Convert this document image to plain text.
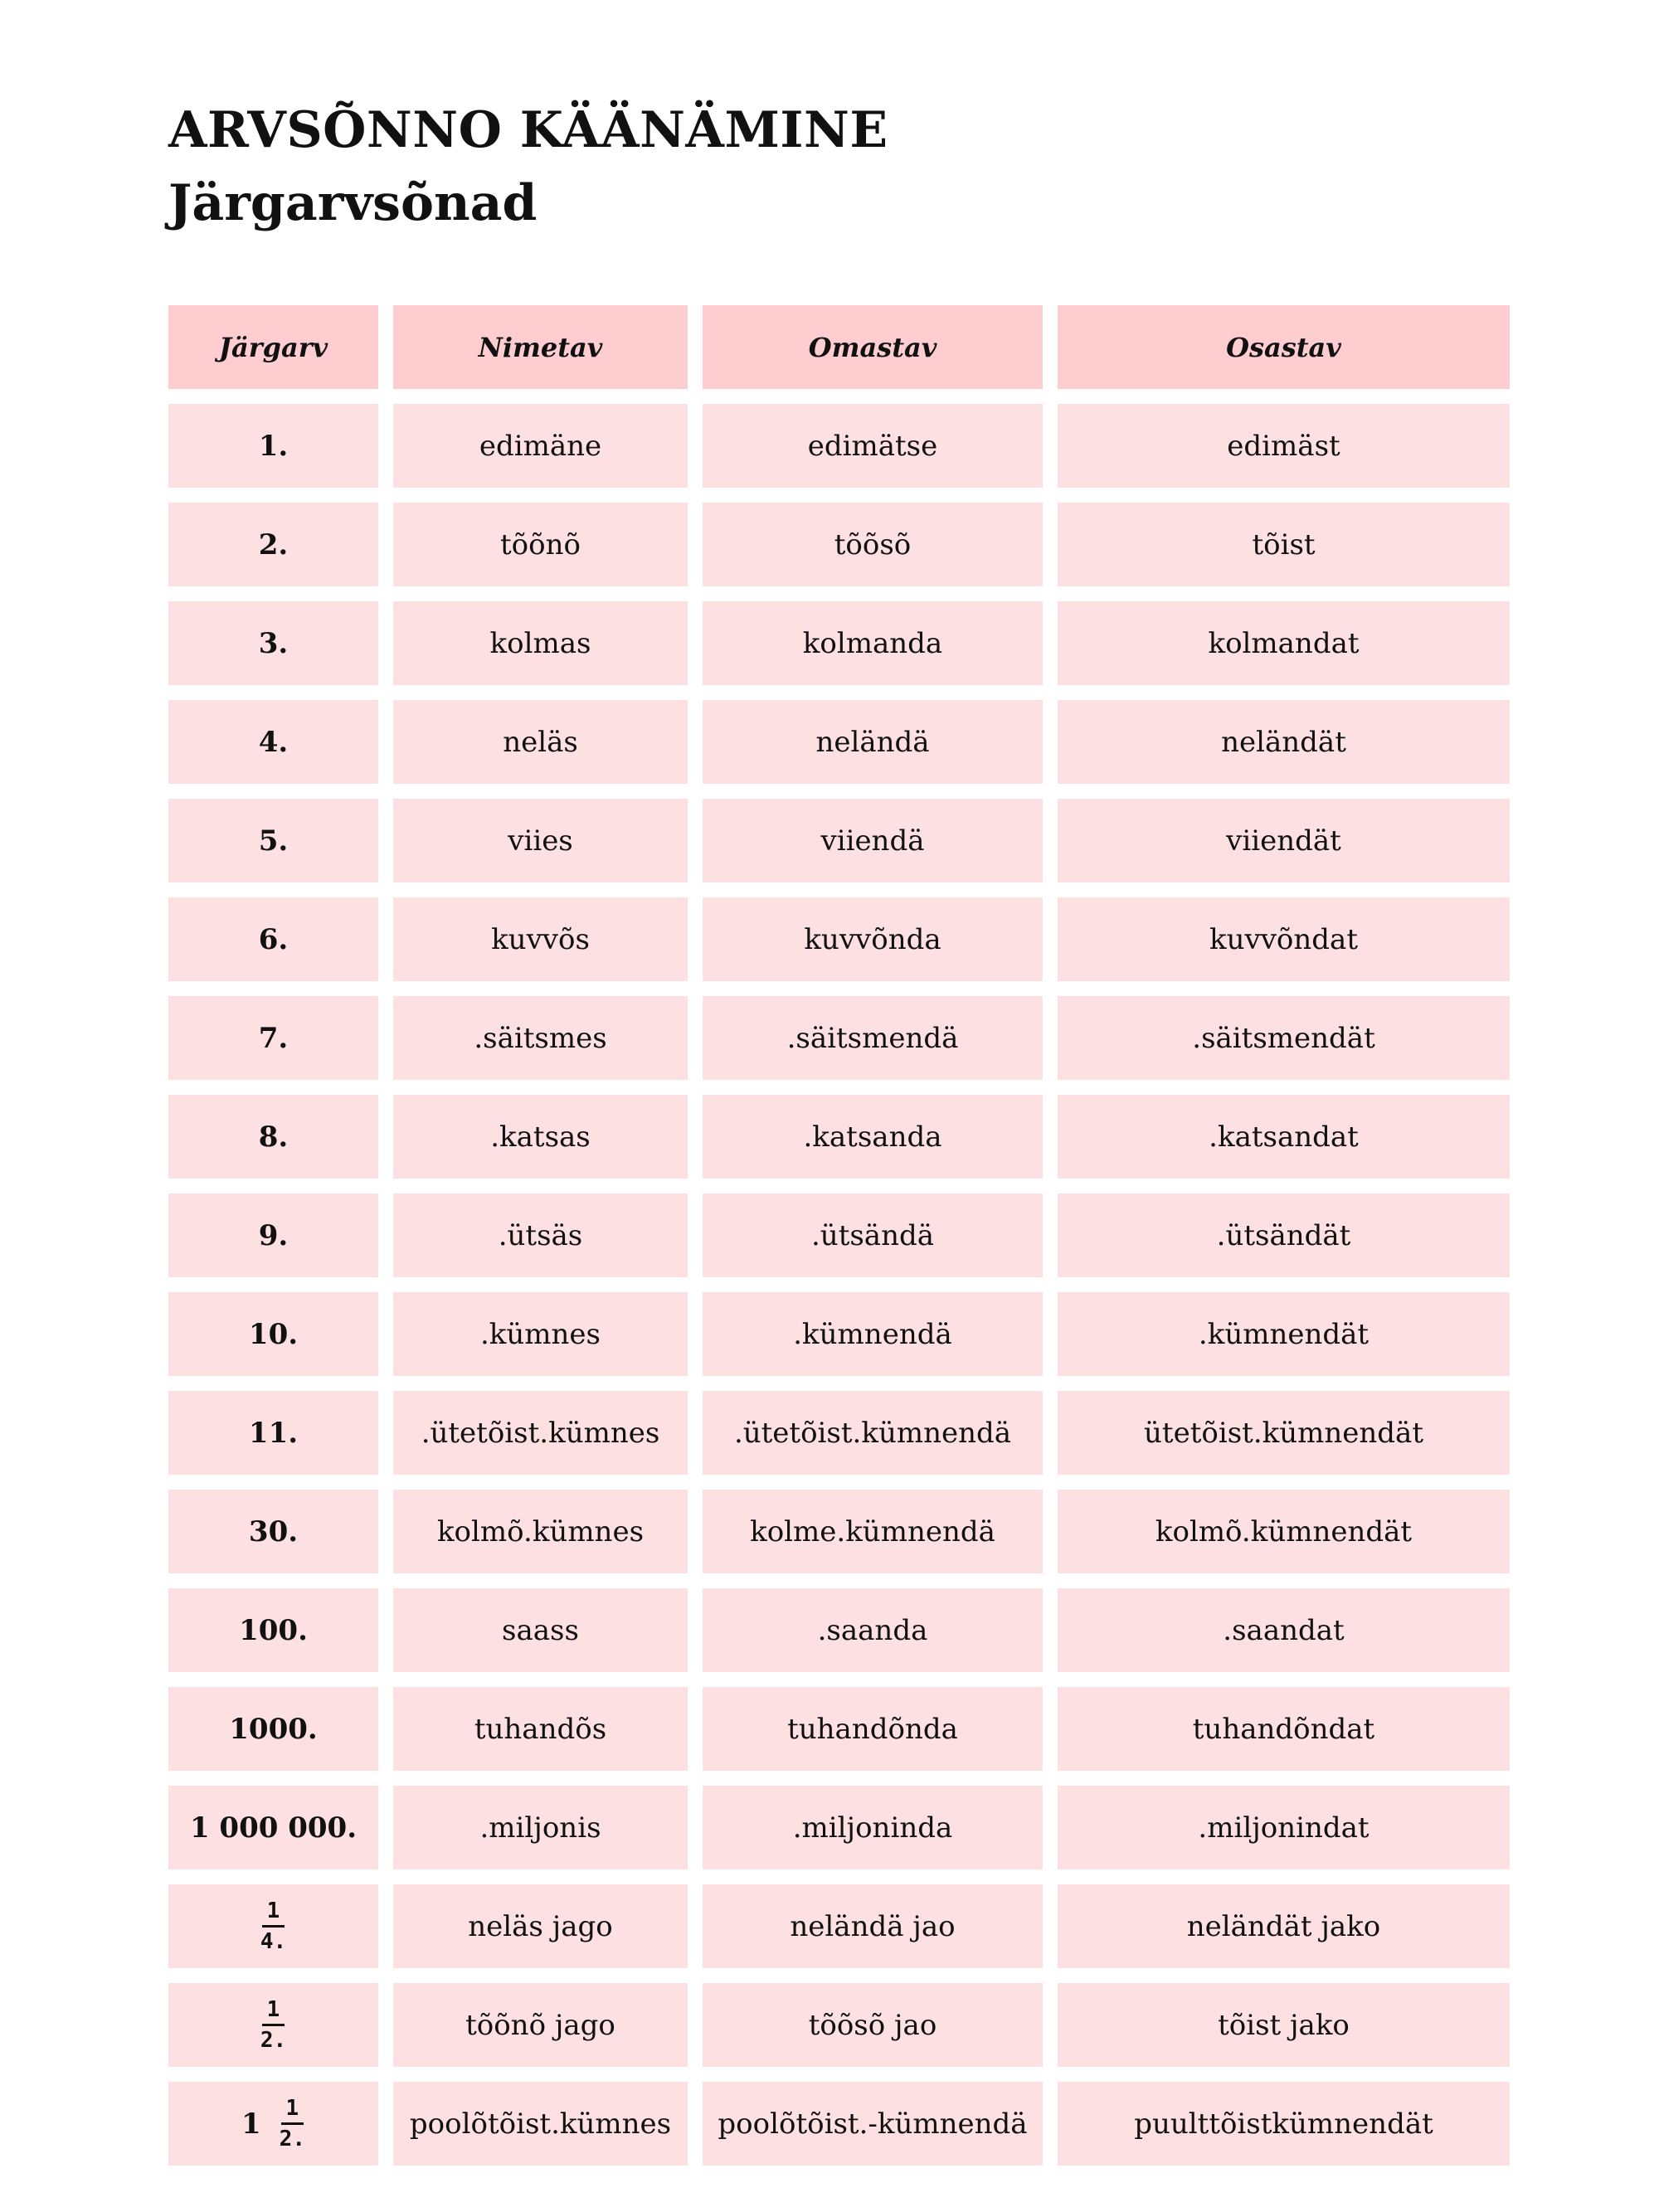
ARVSÕNNO KÄÄNÄMINE
Järgarvsõnad
Järgarv	Nimetav	Omastav	Osastav
1.	edimäne	edimätse	edimäst
2.	tõõnõ	tõõsõ	tõist
3.	kolmas	kolmanda	kolmandat
4.	neläs	neländä	neländät
5.	viies	viiendä	viiendät
6.	kuvvõs	kuvvõnda	kuvvõndat
7.	.säitsmes	.säitsmendä	.säitsmendät
8.	.katsas	.katsanda	.katsandat
9.	.ütsäs	.ütsändä	.ütsändät
10.	.kümnes	.kümnendä	.kümnendät
11.	.ütetõist.kümnes	.ütetõist.kümnendä	ütetõist.kümnendät
30.	kolmõ.kümnes	kolme.kümnendä	kolmõ.kümnendät
100.	saass	.saanda	.saandat
1000.	tuhandõs	tuhandõnda	tuhandõndat
1 000 000.	.miljonis	.miljoninda	.miljonindat
$\frac{1}{4}$ .	neläs jago	neländä jao	neländät jako
$\frac{1}{2}$ .	tõõnõ jago	tõõsõ jao	tõist jako
$1 \frac{1}{2}$ .	poolõtõist.kümnes	poolõtõist.-kümnendä	puulttõistkümnendät
